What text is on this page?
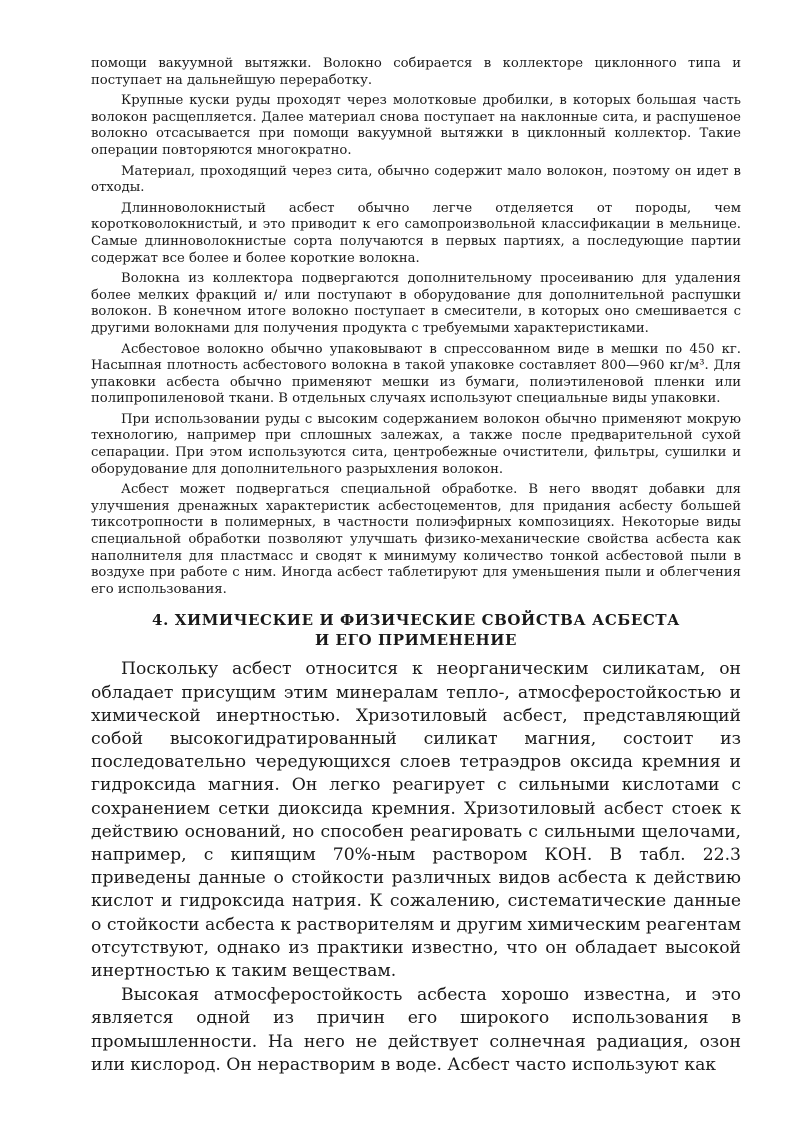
помощи вакуумной вытяжки. Волокно собирается в коллекторе циклонного типа и поступает на дальнейшую переработку.

Крупные куски руды проходят через молотковые дробилки, в которых большая часть волокон расщепляется. Далее материал снова поступает на наклонные сита, и распушеное волокно отсасывается при помощи вакуумной вытяжки в циклонный коллектор. Такие операции повторяются многократно.

Материал, проходящий через сита, обычно содержит мало волокон, поэтому он идет в отходы.

Длинноволокнистый асбест обычно легче отделяется от породы, чем коротковолокнистый, и это приводит к его самопроизвольной классификации в мельнице. Самые длинноволокнистые сорта получаются в первых партиях, а последующие партии содержат все более и более короткие волокна.

Волокна из коллектора подвергаются дополнительному просеиванию для удаления более мелких фракций и/ или поступают в оборудование для дополнительной распушки волокон. В конечном итоге волокно поступает в смесители, в которых оно смешивается с другими волокнами для получения продукта с требуемыми характеристиками.

Асбестовое волокно обычно упаковывают в спрессованном виде в мешки по 450 кг. Насыпная плотность асбестового волокна в такой упаковке составляет 800—960 кг/м³. Для упаковки асбеста обычно применяют мешки из бумаги, полиэтиленовой пленки или полипропиленовой ткани. В отдельных случаях используют специальные виды упаковки.

При использовании руды с высоким содержанием волокон обычно применяют мокрую технологию, например при сплошных залежах, а также после предварительной сухой сепарации. При этом используются сита, центробежные очистители, фильтры, сушилки и оборудование для дополнительного разрыхления волокон.

Асбест может подвергаться специальной обработке. В него вводят добавки для улучшения дренажных характеристик асбестоцементов, для придания асбесту большей тиксотропности в полимерных, в частности полиэфирных композициях. Некоторые виды специальной обработки позволяют улучшать физико-механические свойства асбеста как наполнителя для пластмасс и сводят к минимуму количество тонкой асбестовой пыли в воздухе при работе с ним. Иногда асбест таблетируют для уменьшения пыли и облегчения его использования.

4. ХИМИЧЕСКИЕ И ФИЗИЧЕСКИЕ СВОЙСТВА АСБЕСТА
И ЕГО ПРИМЕНЕНИЕ

Поскольку асбест относится к неорганическим силикатам, он обладает присущим этим минералам тепло-, атмосферостойкостью и химической инертностью. Хризотиловый асбест, представляющий собой высокогидратированный силикат магния, состоит из последовательно чередующихся слоев тетраэдров оксида кремния и гидроксида магния. Он легко реагирует с сильными кислотами с сохранением сетки диоксида кремния. Хризотиловый асбест стоек к действию оснований, но способен реагировать с сильными щелочами, например, с кипящим 70%-ным раствором КОН. В табл. 22.3 приведены данные о стойкости различных видов асбеста к действию кислот и гидроксида натрия. К сожалению, систематические данные о стойкости асбеста к растворителям и другим химическим реагентам отсутствуют, однако из практики известно, что он обладает высокой инертностью к таким веществам.

Высокая атмосферостойкость асбеста хорошо известна, и это является одной из причин его широкого использования в промышленности. На него не действует солнечная радиация, озон или кислород. Он нерастворим в воде. Асбест часто используют как
